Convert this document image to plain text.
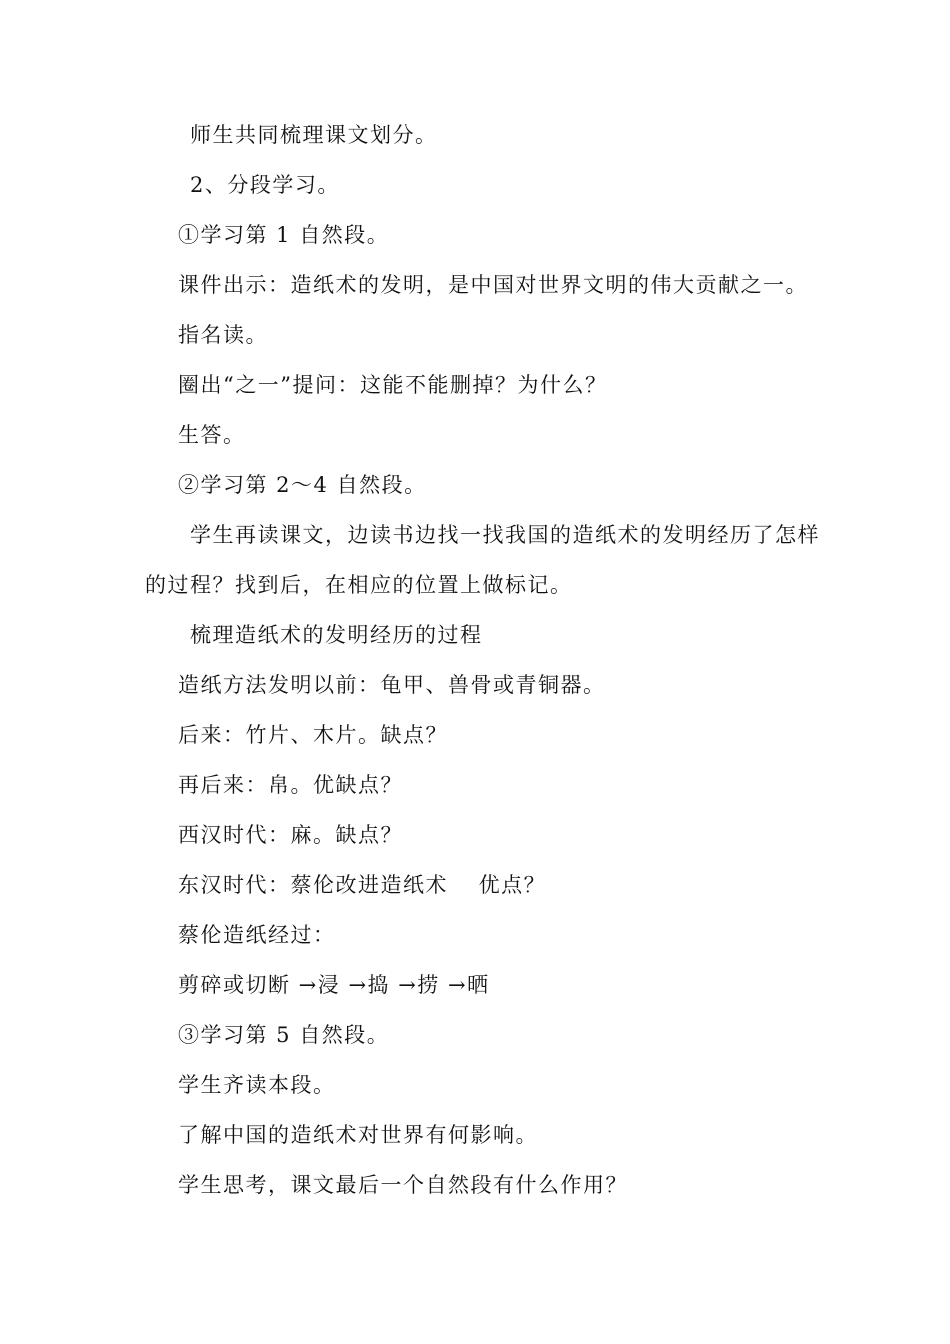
师生共同梳理课文划分。
2、分段学习。
①学习第 1 自然段。
课件出示：造纸术的发明，是中国对世界文明的伟大贡献之一。
指名读。
圈出“之一”提问：这能不能删掉？为什么？
生答。
②学习第 2～4 自然段。
学生再读课文，边读书边找一找我国的造纸术的发明经历了怎样
的过程？找到后，在相应的位置上做标记。
梳理造纸术的发明经历的过程
造纸方法发明以前：龟甲、兽骨或青铜器。
后来：竹片、木片。缺点？
再后来：帛。优缺点？
西汉时代：麻。缺点？
东汉时代：蔡伦改进造纸术　 优点？
蔡伦造纸经过：
剪碎或切断 →浸 →捣 →捞 →晒
③学习第 5 自然段。
学生齐读本段。
了解中国的造纸术对世界有何影响。
学生思考，课文最后一个自然段有什么作用？
